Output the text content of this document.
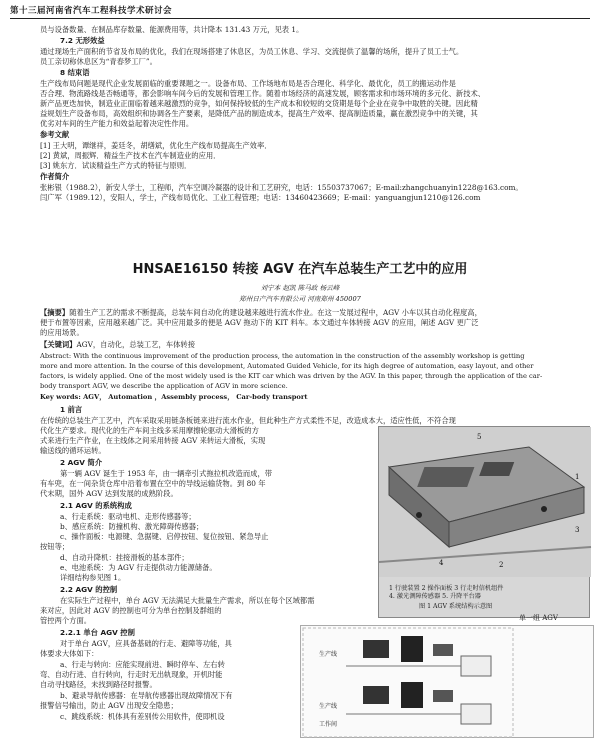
第十三届河南省汽车工程科技学术研讨会
员与设备数量、在制品库存数量、能源费用等，共计降本 131.43 万元，见表 1。
7.2 无形效益
通过现场生产面积的节省及布局的优化，我们在现场搭建了休息区，为员工休息、学习、交流提供了温馨的场所，提升了员工士气。
员工亲切称休息区为“青春梦工厂”。
8 结束语
生产线布局问题是现代企业发展面临的重要课题之一。设备布局、工作场地布局是否合理化、科学化、最优化，员工的搬运动作是
否合理、物流路线是否畅通等，都会影响车间今后的发展和管理工作。随着市场经济的高速发展，顾客需求和市场环境的多元化、新技术、
新产品更迭加快，制造业正面临着越来越激烈的竞争，如何保持较低的生产成本和较短的交货期是每个企业在竞争中取胜的关键。因此精
益规划生产设备布局，高效组织和协调各生产要素，是降低产品的制造成本，提高生产效率、提高制造质量，赢在激烈竞争中的关键，其
优劣对车间的生产能力和效益起着决定性作用。
参考文献
[1] 王大明，谭继祥，姜廷冬，胡缮斌，优化生产线布局提高生产效率．
[2] 黄斌，周振辉．精益生产技术在汽车制造业的应用．
[3] 姚东方．试谈精益生产方式的特征与原则．
作者简介
张彬银（1988.2），新安人学士，工程师，汽车空调冷凝器的设计和工艺研究，电话：15503737067；E-mail:zhangchuanyin1228@163.com。
闫广军（1989.12），安阳人，学士，产线布局优化、工业工程管理；电话：13460423669；E-mail：yanguangjun1210@126.com
HNSAE16150 转接 AGV 在汽车总装生产工艺中的应用
刘宁本 赵凯 陈马政 杨云峰
郑州日产汽车有限公司 河南郑州 450007
【摘要】随着生产工艺的需求不断提高，总装车间自动化的建设越来越进行流水作业。在这一发展过程中，AGV 小车以其自动化程度高，
便于布置等因素，应用越来越广泛。其中应用最多的便是 AGV 拖动下的 KIT 料车。本文通过车体转接 AGV 的应用，阐述 AGV 更广泛
的应用场景。
【关键词】AGV，自动化，总装工艺，车体转接
Abstract: With the continuous improvement of the production process, the automation in the construction of the assembly workshop is getting
more and more attention. In the course of this development, Automated Guided Vehicle, for its high degree of automation, easy layout, and other
factors, is widely applied. One of the most widely used is the KIT car which was driven by the AGV. In this paper, through the application of the car-
body transport AGV, we describe the application of AGV in more science.
Key words: AGV， Automation ，Assembly process， Car-body transport
1 前言
在传统的总装生产工艺中，汽车采取采用链条板链来进行流水作业，但此种生产方式柔性不足，改造成本大，适应性低，不符合现
代化生产要求。现代化的生产车间主线多采用摩擦轮驱动大滑板的方
式来进行生产作业，在主线体之间采用转接 AGV 来转运大滑板，实现
输送线的循环运转。
2 AGV 简介
第一辆 AGV 诞生于 1953 年，由一辆牵引式拖拉机改造而成，带
有车兜，在一间杂货仓库中沿着布置在空中的导线运输货物。到 80 年
代末期，国外 AGV 达到发展的成熟阶段。
2.1 AGV 的系统构成
a、行走系统：驱动电机、走形传感器等；
b、感应系统：防撞机构、激光障碍传感器；
c、操作面板：电源键、急据键、启停按钮、复位按钮、紧急导止
按钮等；
d、自动升降机：挂接滑板的基本部件；
e、电池系统：为 AGV 行走提供动力能源储备。
详细结构参见图 1。
2.2 AGV 的控制
在实际生产过程中，单台 AGV 无法满足大批量生产需求，所以在每个区域都需
来对应，因此对 AGV 的控制也可分为单台控制及群组的
管控两个方面。
2.2.1 单台 AGV 控制
对于单台 AGV，应具备基础的行走、避障等功能，具
体要求大体如下：
a、行走与转向：应能实现前进、瞬时停车、左右转
弯、自动行进、自行转向，行走时无出轨现象，开机时能
自动寻找路径，未找到路径时报警。
b、避录导航传感器：在导航传感器出现故障情况下有
报警信号输出，防止 AGV 出现安全隐患；
c、跳线系统：机体具有差别传公用软件，使即机设
5
1
3
4	2
1 行驶装置 2 操作面板 3 行走时信机组件
4. 激光测障传感器 5. 升降平台器
图 1 AGV 系统结构示意图
生产线
生产线
工作间
单一组 AGV
